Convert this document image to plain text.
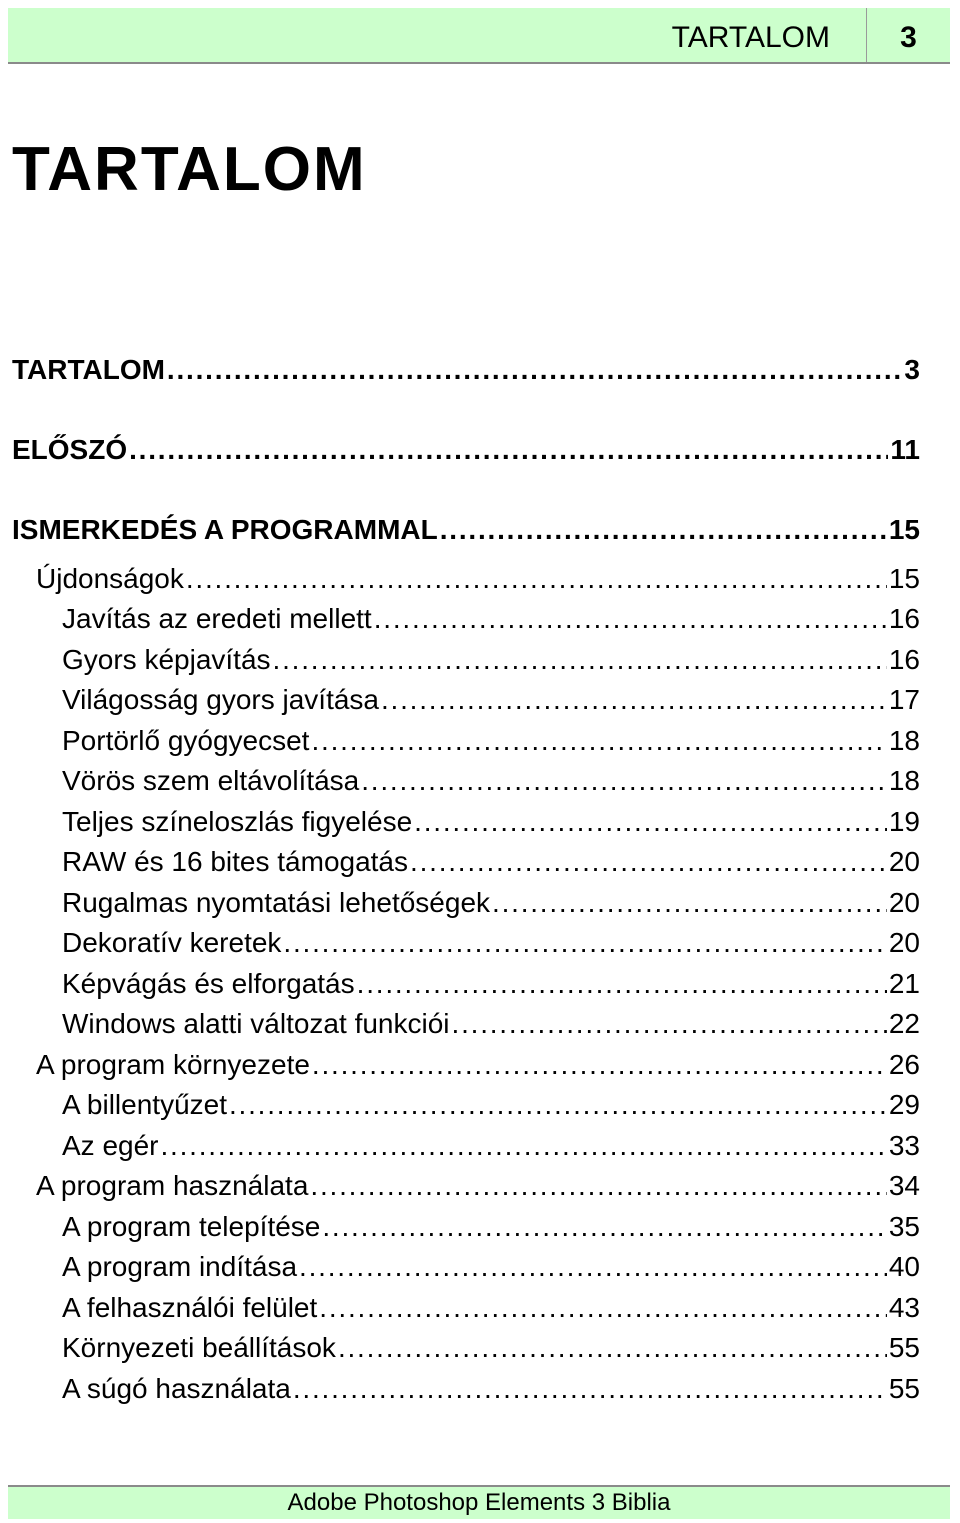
TARTALOM	3
TARTALOM
TARTALOM . . .	3
ELŐSZÓ . . .	11
ISMERKEDÉS A PROGRAMMAL . . .	15
Újdonságok . . .	15
Javítás az eredeti mellett . . .	16
Gyors képjavítás . . .	16
Világosság gyors javítása . . .	17
Portörlő gyógyecset . . .	18
Vörös szem eltávolítása . . .	18
Teljes színeloszlás figyelése . . .	19
RAW és 16 bites támogatás . . .	20
Rugalmas nyomtatási lehetőségek . . .	20
Dekoratív keretek . . .	20
Képvágás és elforgatás . . .	21
Windows alatti változat funkciói . . .	22
A program környezete . . .	26
A billentyűzet . . .	29
Az egér . . .	33
A program használata . . .	34
A program telepítése . . .	35
A program indítása . . .	40
A felhasználói felület . . .	43
Környezeti beállítások . . .	55
A súgó használata . . .	55
Adobe Photoshop Elements 3 Biblia
